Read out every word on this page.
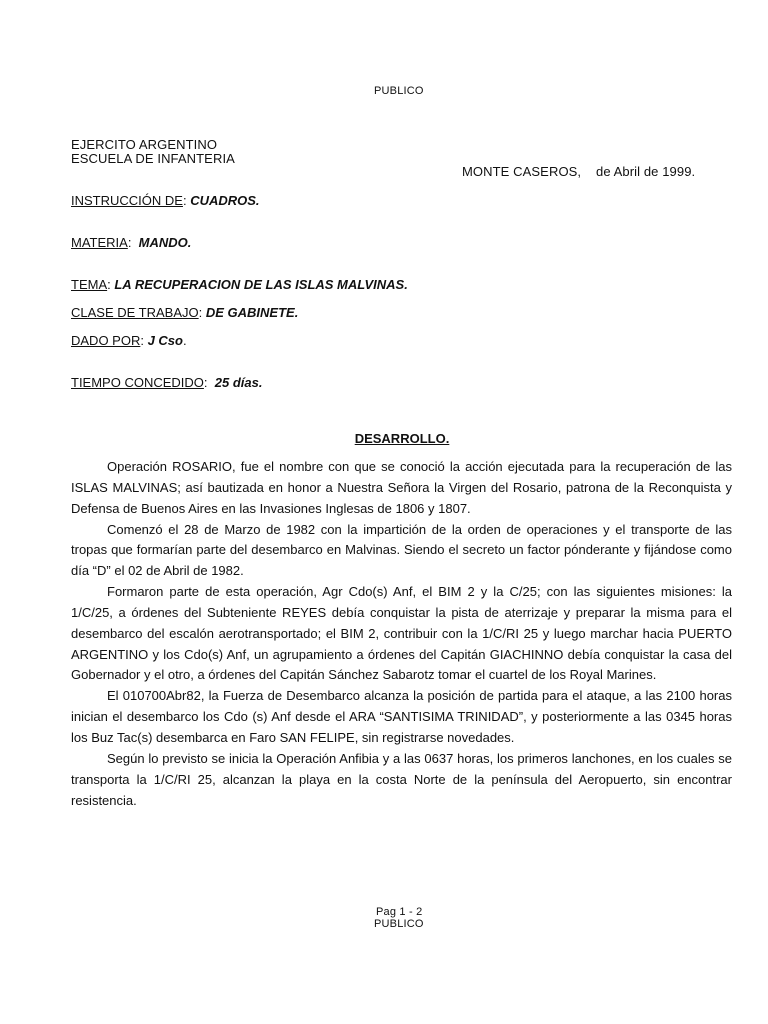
PUBLICO
EJERCITO ARGENTINO
ESCUELA DE INFANTERIA
MONTE CASEROS,    de Abril de 1999.
INSTRUCCIÓN DE: CUADROS.
MATERIA:  MANDO.
TEMA: LA RECUPERACION DE LAS ISLAS MALVINAS.
CLASE DE TRABAJO: DE GABINETE.
DADO POR: J Cso.
TIEMPO CONCEDIDO:  25 días.
DESARROLLO.

Operación ROSARIO, fue el nombre con que se conoció la acción ejecutada para la recuperación de las ISLAS MALVINAS; así bautizada en honor a Nuestra Señora la Virgen del Rosario, patrona de la Reconquista y Defensa de Buenos Aires en las Invasiones Inglesas de 1806 y 1807.

Comenzó el 28 de Marzo de 1982 con la impartición de la orden de operaciones y el transporte de las tropas que formarían parte del desembarco en Malvinas. Siendo el secreto un factor pónderante y fijándose como día “D” el 02 de Abril de 1982.

Formaron parte de esta operación, Agr Cdo(s) Anf, el BIM 2 y la C/25; con las siguientes misiones: la 1/C/25, a órdenes del Subteniente REYES debía conquistar la pista de aterrizaje y preparar la misma para el desembarco del escalón aerotransportado; el BIM 2, contribuir con la 1/C/RI 25 y luego marchar hacia PUERTO ARGENTINO y los Cdo(s) Anf, un agrupamiento a órdenes del Capitán GIACHINNO debía conquistar la casa del Gobernador y el otro, a órdenes del Capitán Sánchez Sabarotz tomar el cuartel de los Royal Marines.

El 010700Abr82, la Fuerza de Desembarco alcanza la posición de partida para el ataque, a las 2100 horas inician el desembarco los Cdo (s) Anf desde el ARA “SANTISIMA TRINIDAD”, y posteriormente a las 0345 horas los Buz Tac(s) desembarca en Faro SAN FELIPE, sin registrarse novedades.

Según lo previsto se inicia la Operación Anfibia y a las 0637 horas, los primeros lanchones, en los cuales se transporta la 1/C/RI 25, alcanzan la playa en la costa Norte de la península del Aeropuerto, sin encontrar resistencia.

Pag 1 - 2
PUBLICO
